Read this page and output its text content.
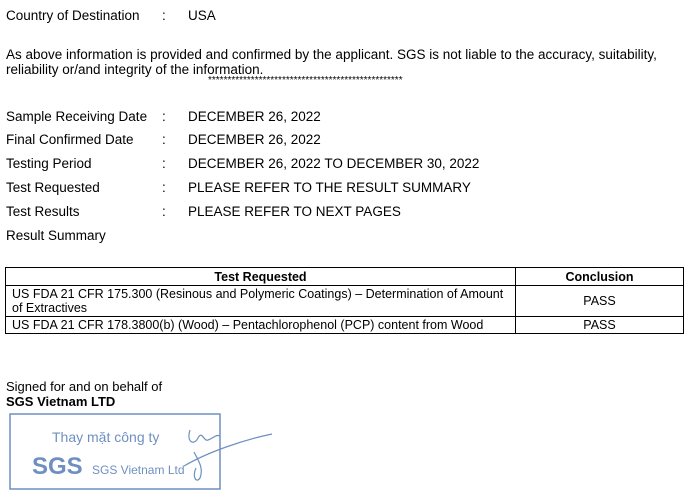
Country of Destination : USA
As above information is provided and confirmed by the applicant. SGS is not liable to the accuracy, suitability, reliability or/and integrity of the information.
**************************************************
Sample Receiving Date : DECEMBER 26, 2022
Final Confirmed Date : DECEMBER 26, 2022
Testing Period	: DECEMBER 26, 2022 TO DECEMBER 30, 2022
Test Requested	: PLEASE REFER TO THE RESULT SUMMARY
Test Results	: PLEASE REFER TO NEXT PAGES
Result Summary
Test Requested	Conclusion
US FDA 21 CFR 175.300 (Resinous and Polymeric Coatings) – Determination of Amount of Extractives	PASS
US FDA 21 CFR 178.3800(b) (Wood) – Pentachlorophenol (PCP) content from Wood	PASS
Signed for and on behalf of
SGS Vietnam LTD
Thay mặt công ty
SGS SGS Vietnam Ltd
